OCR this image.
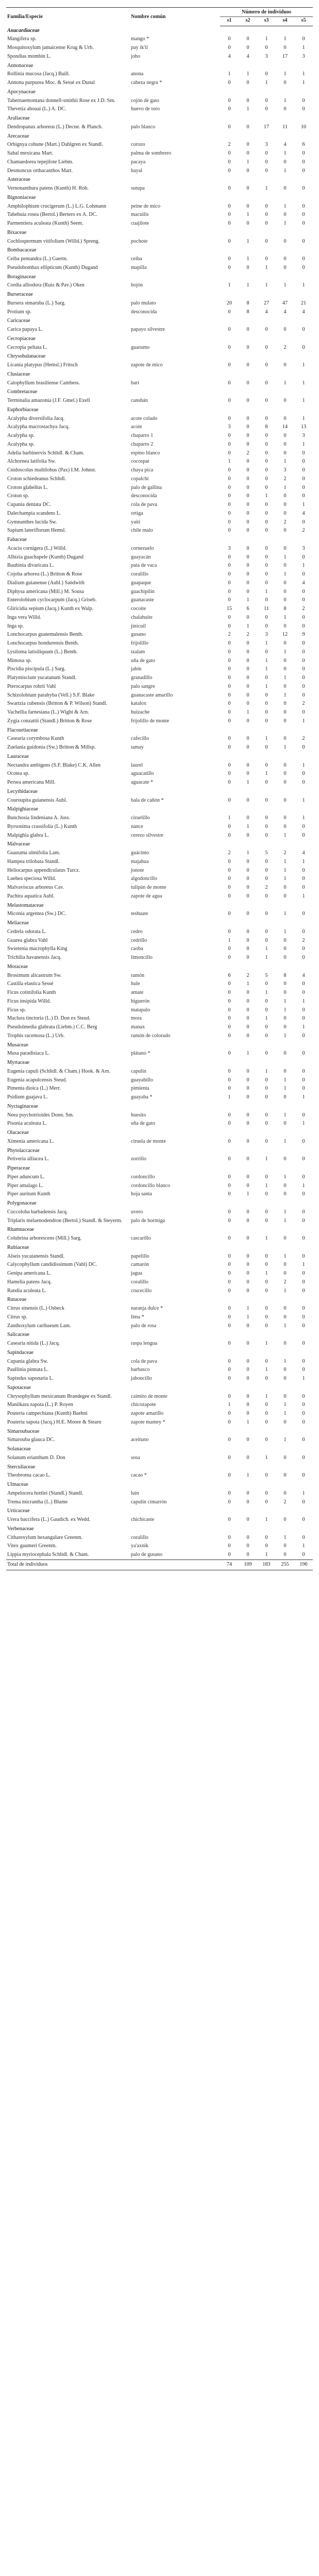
Familia/Especie	Nombre común	Número de individuos				
		s1	s2	s3	s4	s5
Anacardiaceae						
Mangifera sp.	mango *	0	0	1	1	0
Mosquitoxylum jamaicense Krug & Urb.	pay ik'il	0	0	0	0	1
Spondias mombin L.	jobo	4	4	3	17	3
Annonaceae						
Rollinia mucosa (Jacq.) Baill.	anona	1	1	0	1	1
Annona purpurea Moc. & Sessé ex Dunal	cabeza negra *	0	0	1	0	1
Apocynaceae						
Tabernaemontana donnell-smithii Rose ex J.D. Sm.	cojón de gato	0	0	0	1	0
Thevetia ahouai (L.) A. DC.	huevo de toro	0	1	0	0	0
Araliaceae						
Dendropanax arboreus (L.) Decne. & Planch.	palo blanco	0	0	17	11	10
Arecaceae						
Orbignya cohune (Mart.) Dahlgren ex Standl.	corozo	2	0	3	4	6
Sabal mexicana Mart.	palma de sombrero	0	0	0	1	0
Chamaedorea tepejilote Liebm.	pacaya	0	1	0	0	0
Desmoncus orthacanthos Mart.	bayal	0	0	0	1	0
Asteraceae						
Vernonanthura patens (Kunth) H. Rob.	sutupa	0	0	1	0	0
Bignoniaceae						
Amphilophium crucigerum (L.) L.G. Lohmann	peine de mico	0	0	0	1	0
Tabebuia rosea (Bertol.) Bertero ex A. DC.	macuilís	0	1	0	0	0
Parmentiera aculeata (Kunth) Seem.	cuajilote	0	0	0	1	0
Bixaceae						
Cochlospermum vitifolium (Willd.) Spreng.	pochote	0	1	0	0	0
Bombacaceae						
Ceiba pentandra (L.) Gaertn.	ceiba	0	1	0	0	0
Pseudobombax ellipticum (Kunth) Dugand	mapilla	0	0	1	0	0
Boraginaceae						
Cordia alliodora (Ruiz & Pav.) Oken	bojón	1	1	1	1	1
Burseraceae						
Bursera simaruba (L.) Sarg.	palo mulato	20	8	27	47	21
Protium sp.	desconocida	0	8	4	4	4
Caricaceae						
Carica papaya L.	papayo silvestre	0	0	0	0	0
Cecropiaceae						
Cecropia peltata L.	guarumo	0	0	0	2	0
Chrysobalanaceae						
Licania platypus (Hemsl.) Fritsch	zapote de mico	0	0	0	0	1
Clusiaceae						
Calophyllum brasiliense Cambess.	barí	0	0	0	1	1
Combretaceae						
Terminalia amazonia (J.F. Gmel.) Exell	canshán	0	0	0	0	1
Euphorbiaceae						
Acalypha diversifolia Jacq.	acote colado	0	0	0	0	1
Acalypha macrostachya Jacq.	acote	3	0	8	14	13
Acalypha sp.	chaparro 1	0	0	0	0	3
Acalypha sp.	chaparro 2	0	0	0	0	1
Adelia barbinervis Schltdl. & Cham.	espino blanco	0	2	0	0	0
Alchornea latifolia Sw.	cocospat	1	0	0	1	0
Cnidoscolus multilobus (Pax) I.M. Johnst.	chaya pica	0	0	0	3	0
Croton schiedeanus Schltdl.	copalchí	0	0	0	2	0
Croton glabellus L.	palo de gallina	0	0	0	1	0
Croton sp.	desconocida	0	0	1	0	0
Cupania dentata DC.	cola de pava	0	0	0	0	1
Dalechampia scandens L.	ortiga	0	0	0	0	4
Gymnanthes lucida Sw.	yaití	0	0	0	2	0
Sapium lateriflorum Hemsl.	chile malo	0	0	0	0	2
Fabaceae						
Acacia cornigera (L.) Willd.	cornezuelo	3	0	0	0	3
Albizia guachapele (Kunth) Dugand	guayacán	0	0	0	1	0
Bauhinia divaricata L.	pata de vaca	0	0	0	0	1
Cojoba arborea (L.) Britton & Rose	coralillo	0	0	0	1	0
Dialium guianense (Aubl.) Sandwith	guapaque	0	0	0	0	4
Diphysa americana (Mill.) M. Sousa	guachipilín	0	0	1	0	0
Enterolobium cyclocarpum (Jacq.) Griseb.	guanacaste	0	1	0	0	0
Gliricidia sepium (Jacq.) Kunth ex Walp.	cocoite	15	6	11	8	2
Inga vera Willd.	chalahuite	0	0	0	1	0
Inga sp.	jinicuil	0	1	0	0	0
Lonchocarpus guatemalensis Benth.	gusano	2	2	3	12	9
Lonchocarpus hondurensis Benth.	frijolillo	0	0	1	0	0
Lysiloma latisiliquum (L.) Benth.	tzalam	0	0	0	1	0
Mimosa sp.	uña de gato	0	0	1	0	0
Piscidia piscipula (L.) Sarg.	jabín	0	0	1	0	0
Platymiscium yucatanum Standl.	granadillo	0	0	0	1	0
Pterocarpus rohrii Vahl	palo sangre	0	0	1	0	0
Schizolobium parahyba (Vell.) S.F. Blake	guanacaste amarillo	0	0	0	1	0
Swartzia cubensis (Britton & P. Wilson) Standl.	katalox	0	0	0	0	2
Vachellia farnesiana (L.) Wight & Arn.	huizache	0	1	0	0	0
Zygia conzattii (Standl.) Britton & Rose	frijolillo de monte	0	0	0	0	1
Flacourtiaceae						
Casearia corymbosa Kunth	cafecillo	0	0	1	0	2
Zuelania guidonia (Sw.) Britton & Millsp.	tamay	0	0	0	1	0
Lauraceae						
Nectandra ambigens (S.F. Blake) C.K. Allen	laurel	0	0	0	0	1
Ocotea sp.	aguacatillo	0	0	1	0	0
Persea americana Mill.	aguacate *	0	1	0	0	0
Lecythidaceae						
Couroupita guianensis Aubl.	bala de cañón *	0	0	0	0	1
Malpighiaceae						
Bunchosia lindeniana A. Juss.	ciruelillo	1	0	0	0	1
Byrsonima crassifolia (L.) Kunth	nance	0	1	0	0	0
Malpighia glabra L.	cerezo silvestre	0	0	0	1	0
Malvaceae						
Guazuma ulmifolia Lam.	guácimo	2	1	5	2	4
Hampea trilobata Standl.	majahua	0	0	0	1	1
Heliocarpus appendiculatus Turcz.	jonote	0	0	0	1	0
Luehea speciosa Willd.	algodoncillo	0	0	0	1	0
Malvaviscus arboreus Cav.	tulipán de monte	0	0	2	0	0
Pachira aquatica Aubl.	zapote de agua	0	0	0	0	1
Melastomataceae						
Miconia argentea (Sw.) DC.	teshuate	0	0	0	1	0
Meliaceae						
Cedrela odorata L.	cedro	0	0	0	1	0
Guarea glabra Vahl	cedrillo	1	0	0	0	2
Swietenia macrophylla King	caoba	0	0	1	0	0
Trichilia havanensis Jacq.	limoncillo	0	0	1	0	0
Moraceae						
Brosimum alicastrum Sw.	ramón	6	2	5	8	4
Castilla elastica Sessé	hule	0	1	0	0	0
Ficus cotinifolia Kunth	amate	0	0	1	0	0
Ficus insipida Willd.	higuerón	0	0	0	1	1
Ficus sp.	matapalo	0	0	0	1	0
Maclura tinctoria (L.) D. Don ex Steud.	mora	0	0	1	0	0
Pseudolmedia glabrata (Liebm.) C.C. Berg	manax	0	0	0	0	1
Trophis racemosa (L.) Urb.	ramón de colorado	0	0	0	1	0
Musaceae						
Musa paradisiaca L.	plátano *	0	1	0	0	0
Myrtaceae						
Eugenia capuli (Schltdl. & Cham.) Hook. & Arn.	capulín	0	0	1	0	0
Eugenia acapulcensis Steud.	guayabillo	0	0	0	1	0
Pimenta dioica (L.) Merr.	pimienta	0	0	0	1	0
Psidium guajava L.	guayaba *	1	0	0	0	1
Nyctaginaceae						
Neea psychotrioides Donn. Sm.	huesito	0	0	0	1	0
Pisonia aculeata L.	uña de gato	0	0	0	0	1
Olacaceae						
Ximenia americana L.	ciruela de monte	0	0	0	1	0
Phytolaccaceae						
Petiveria alliacea L.	zorrillo	0	0	1	0	0
Piperaceae						
Piper aduncum L.	cordoncillo	0	0	0	1	0
Piper amalago L.	cordoncillo blanco	0	0	1	0	1
Piper auritum Kunth	hoja santa	0	1	0	0	0
Polygonaceae						
Coccoloba barbadensis Jacq.	uvero	0	0	0	1	0
Triplaris melaenodendron (Bertol.) Standl. & Steyerm.	palo de hormiga	0	0	0	1	0
Rhamnaceae						
Colubrina arborescens (Mill.) Sarg.	cascarillo	0	0	1	0	0
Rubiaceae						
Alseis yucatanensis Standl.	papelillo	0	0	0	1	0
Calycophyllum candidissimum (Vahl) DC.	camarón	0	0	0	0	1
Genipa americana L.	jagua	0	0	1	0	0
Hamelia patens Jacq.	coralillo	0	0	0	2	0
Randia aculeata L.	crucecillo	0	0	0	1	0
Rutaceae						
Citrus sinensis (L.) Osbeck	naranja dulce *	0	1	0	0	0
Citrus sp.	lima *	0	1	0	0	0
Zanthoxylum caribaeum Lam.	palo de rosa	0	0	0	1	0
Salicaceae						
Casearia nitida (L.) Jacq.	raspa lengua	0	0	1	0	0
Sapindaceae						
Cupania glabra Sw.	cola de pava	0	0	0	1	0
Paullinia pinnata L.	barbasco	0	0	1	0	0
Sapindus saponaria L.	jaboncillo	0	0	0	0	1
Sapotaceae						
Chrysophyllum mexicanum Brandegee ex Standl.	caimito de monte	0	0	1	0	0
Manilkara zapota (L.) P. Royen	chicozapote	1	0	0	1	0
Pouteria campechiana (Kunth) Baehni	zapote amarillo	0	0	0	1	0
Pouteria sapota (Jacq.) H.E. Moore & Stearn	zapote mamey *	0	1	0	0	0
Simaroubaceae						
Simarouba glauca DC.	aceituno	0	0	0	1	0
Solanaceae						
Solanum erianthum D. Don	sosa	0	0	1	0	0
Sterculiaceae						
Theobroma cacao L.	cacao *	0	1	0	0	0
Ulmaceae						
Ampelocera hottlei (Standl.) Standl.	luín	0	0	0	0	1
Trema micrantha (L.) Blume	capulín cimarrón	0	0	0	2	0
Urticaceae						
Urera baccifera (L.) Gaudich. ex Wedd.	chichicaste	0	0	1	0	0
Verbenaceae						
Citharexylum hexangulare Greenm.	coralillo	0	0	0	1	0
Vitex gaumeri Greenm.	ya'axnik	0	0	0	0	1
Lippia myriocephala Schltdl. & Cham.	palo de gusano	0	0	1	0	0
Total de individuos		74	109	183	255	196
